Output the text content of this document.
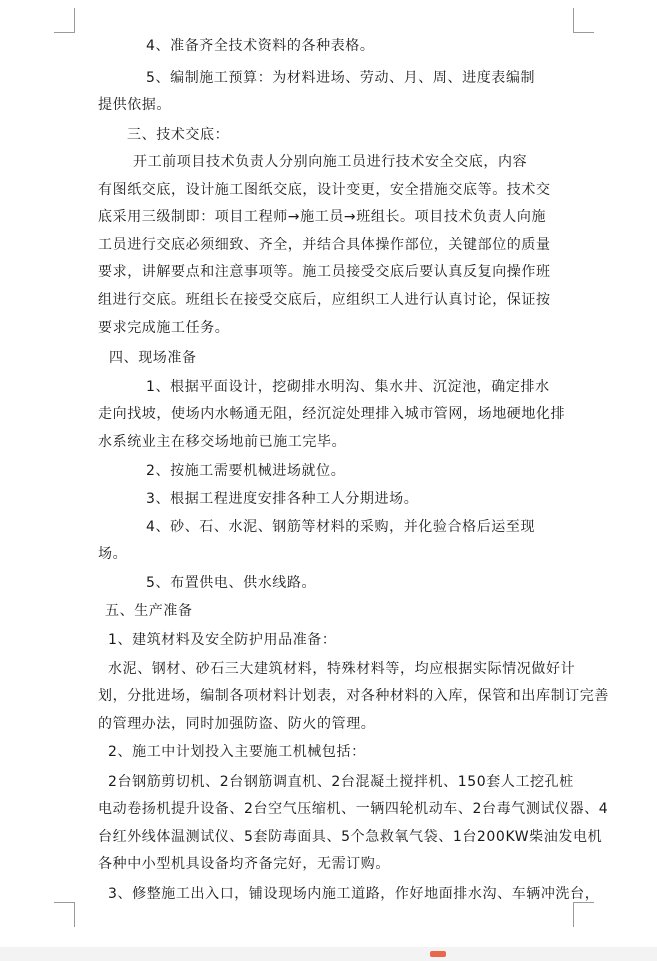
4、准备齐全技术资料的各种表格。
5、编制施工预算：为材料进场、劳动、月、周、进度表编制
提供依据。
三、技术交底：
开工前项目技术负责人分别向施工员进行技术安全交底，内容
有图纸交底，设计施工图纸交底，设计变更，安全措施交底等。技术交
底采用三级制即：项目工程师→施工员→班组长。项目技术负责人向施
工员进行交底必须细致、齐全，并结合具体操作部位，关键部位的质量
要求，讲解要点和注意事项等。施工员接受交底后要认真反复向操作班
组进行交底。班组长在接受交底后，应组织工人进行认真讨论，保证按
要求完成施工任务。
四、现场准备
1、根据平面设计，挖砌排水明沟、集水井、沉淀池，确定排水
走向找坡，使场内水畅通无阻，经沉淀处理排入城市管网，场地硬地化排
水系统业主在移交场地前已施工完毕。
2、按施工需要机械进场就位。
3、根据工程进度安排各种工人分期进场。
4、砂、石、水泥、钢筋等材料的采购，并化验合格后运至现
场。
5、布置供电、供水线路。
五、生产准备
1、建筑材料及安全防护用品准备：
水泥、钢材、砂石三大建筑材料，特殊材料等，均应根据实际情况做好计
划，分批进场，编制各项材料计划表，对各种材料的入库，保管和出库制订完善
的管理办法，同时加强防盗、防火的管理。
2、施工中计划投入主要施工机械包括：
2台钢筋剪切机、2台钢筋调直机、2台混凝土搅拌机、150套人工挖孔桩
电动卷扬机提升设备、2台空气压缩机、一辆四轮机动车、2台毒气测试仪器、4
台红外线体温测试仪、5套防毒面具、5个急救氧气袋、1台200KW柴油发电机
各种中小型机具设备均齐备完好，无需订购。
3、修整施工出入口，铺设现场内施工道路，作好地面排水沟、车辆冲洗台，
